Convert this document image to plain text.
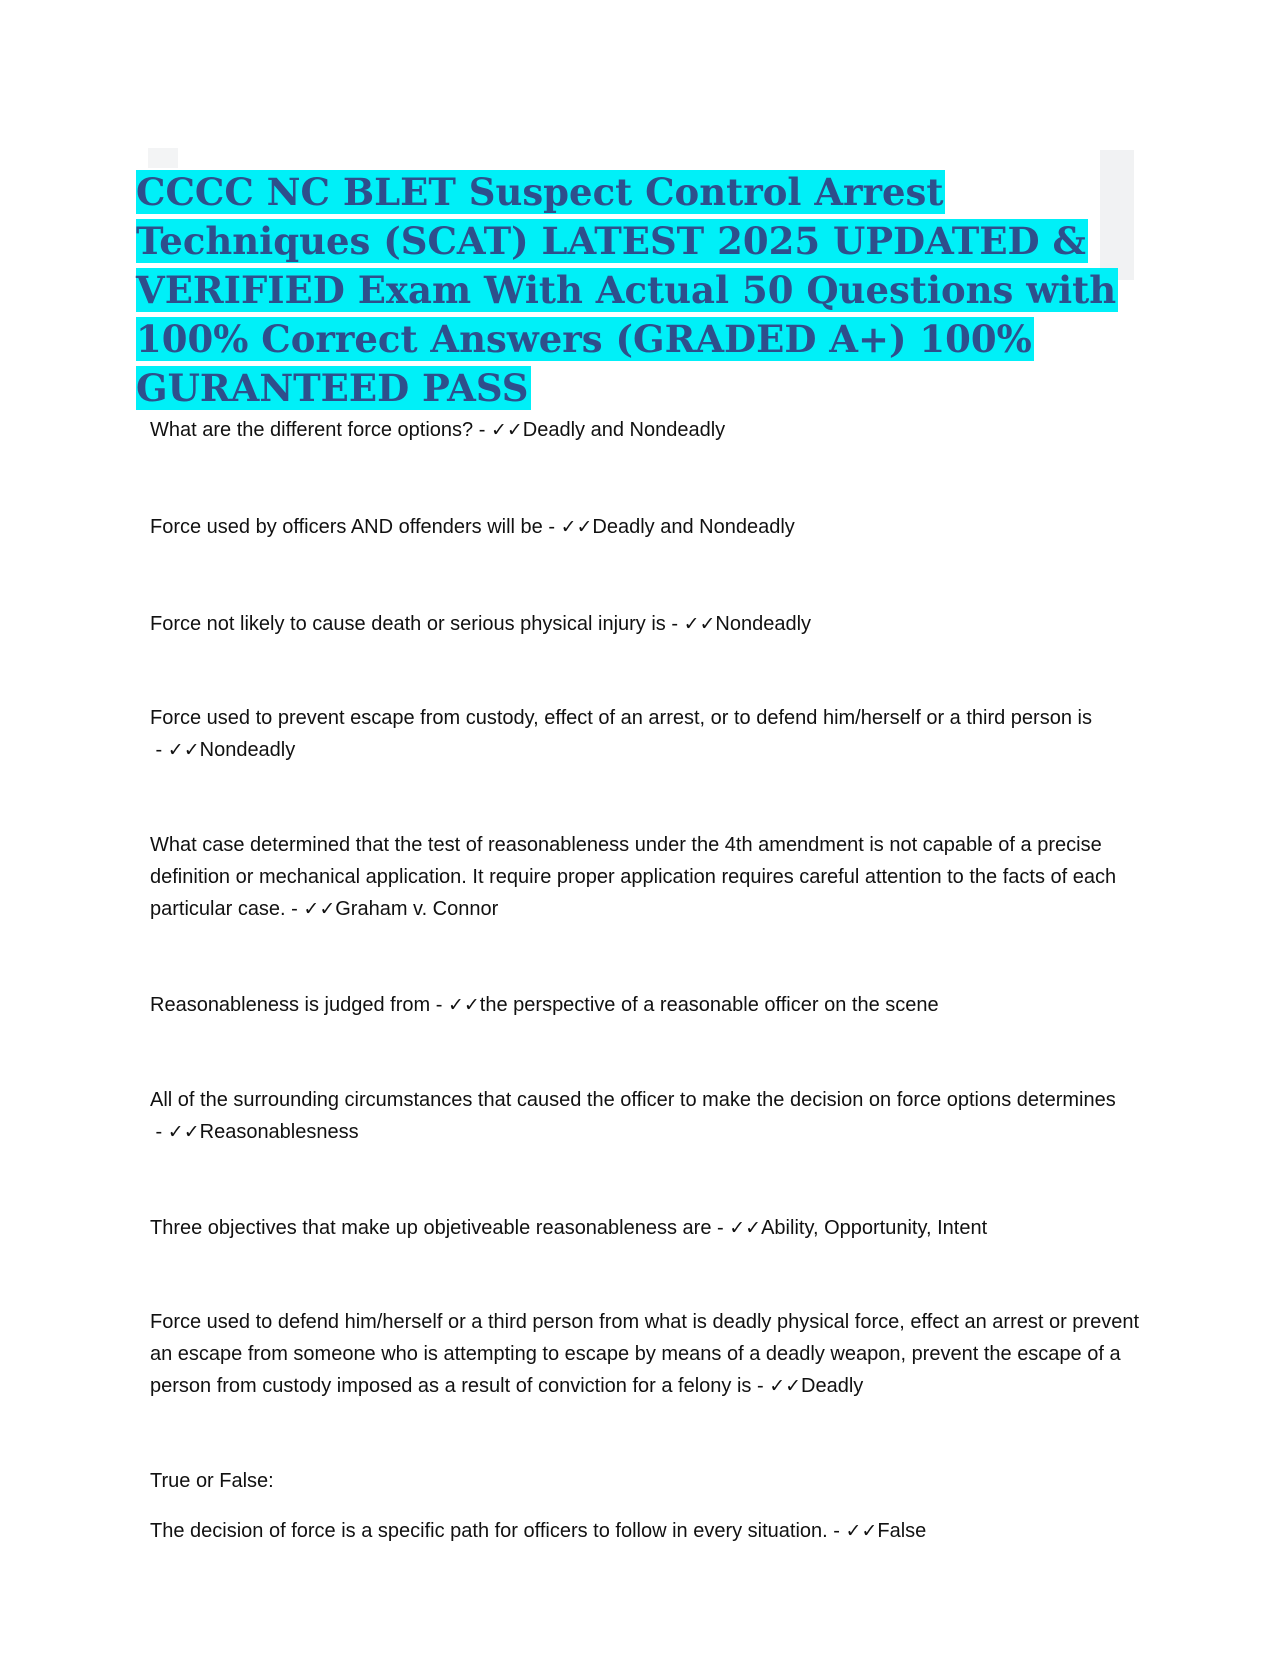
CCCC NC BLET Suspect Control Arrest Techniques (SCAT) LATEST 2025 UPDATED & VERIFIED Exam With Actual 50 Questions with 100% Correct Answers (GRADED A+) 100% GURANTEED PASS

What are the different force options? - ✓✓Deadly and Nondeadly

Force used by officers AND offenders will be - ✓✓Deadly and Nondeadly

Force not likely to cause death or serious physical injury is - ✓✓Nondeadly

Force used to prevent escape from custody, effect of an arrest, or to defend him/herself or a third person is - ✓✓Nondeadly

What case determined that the test of reasonableness under the 4th amendment is not capable of a precise definition or mechanical application. It require proper application requires careful attention to the facts of each particular case. - ✓✓Graham v. Connor

Reasonableness is judged from - ✓✓the perspective of a reasonable officer on the scene

All of the surrounding circumstances that caused the officer to make the decision on force options determines - ✓✓Reasonablesness

Three objectives that make up objetiveable reasonableness are - ✓✓Ability, Opportunity, Intent

Force used to defend him/herself or a third person from what is deadly physical force, effect an arrest or prevent an escape from someone who is attempting to escape by means of a deadly weapon, prevent the escape of a person from custody imposed as a result of conviction for a felony is - ✓✓Deadly

True or False:

The decision of force is a specific path for officers to follow in every situation. - ✓✓False
